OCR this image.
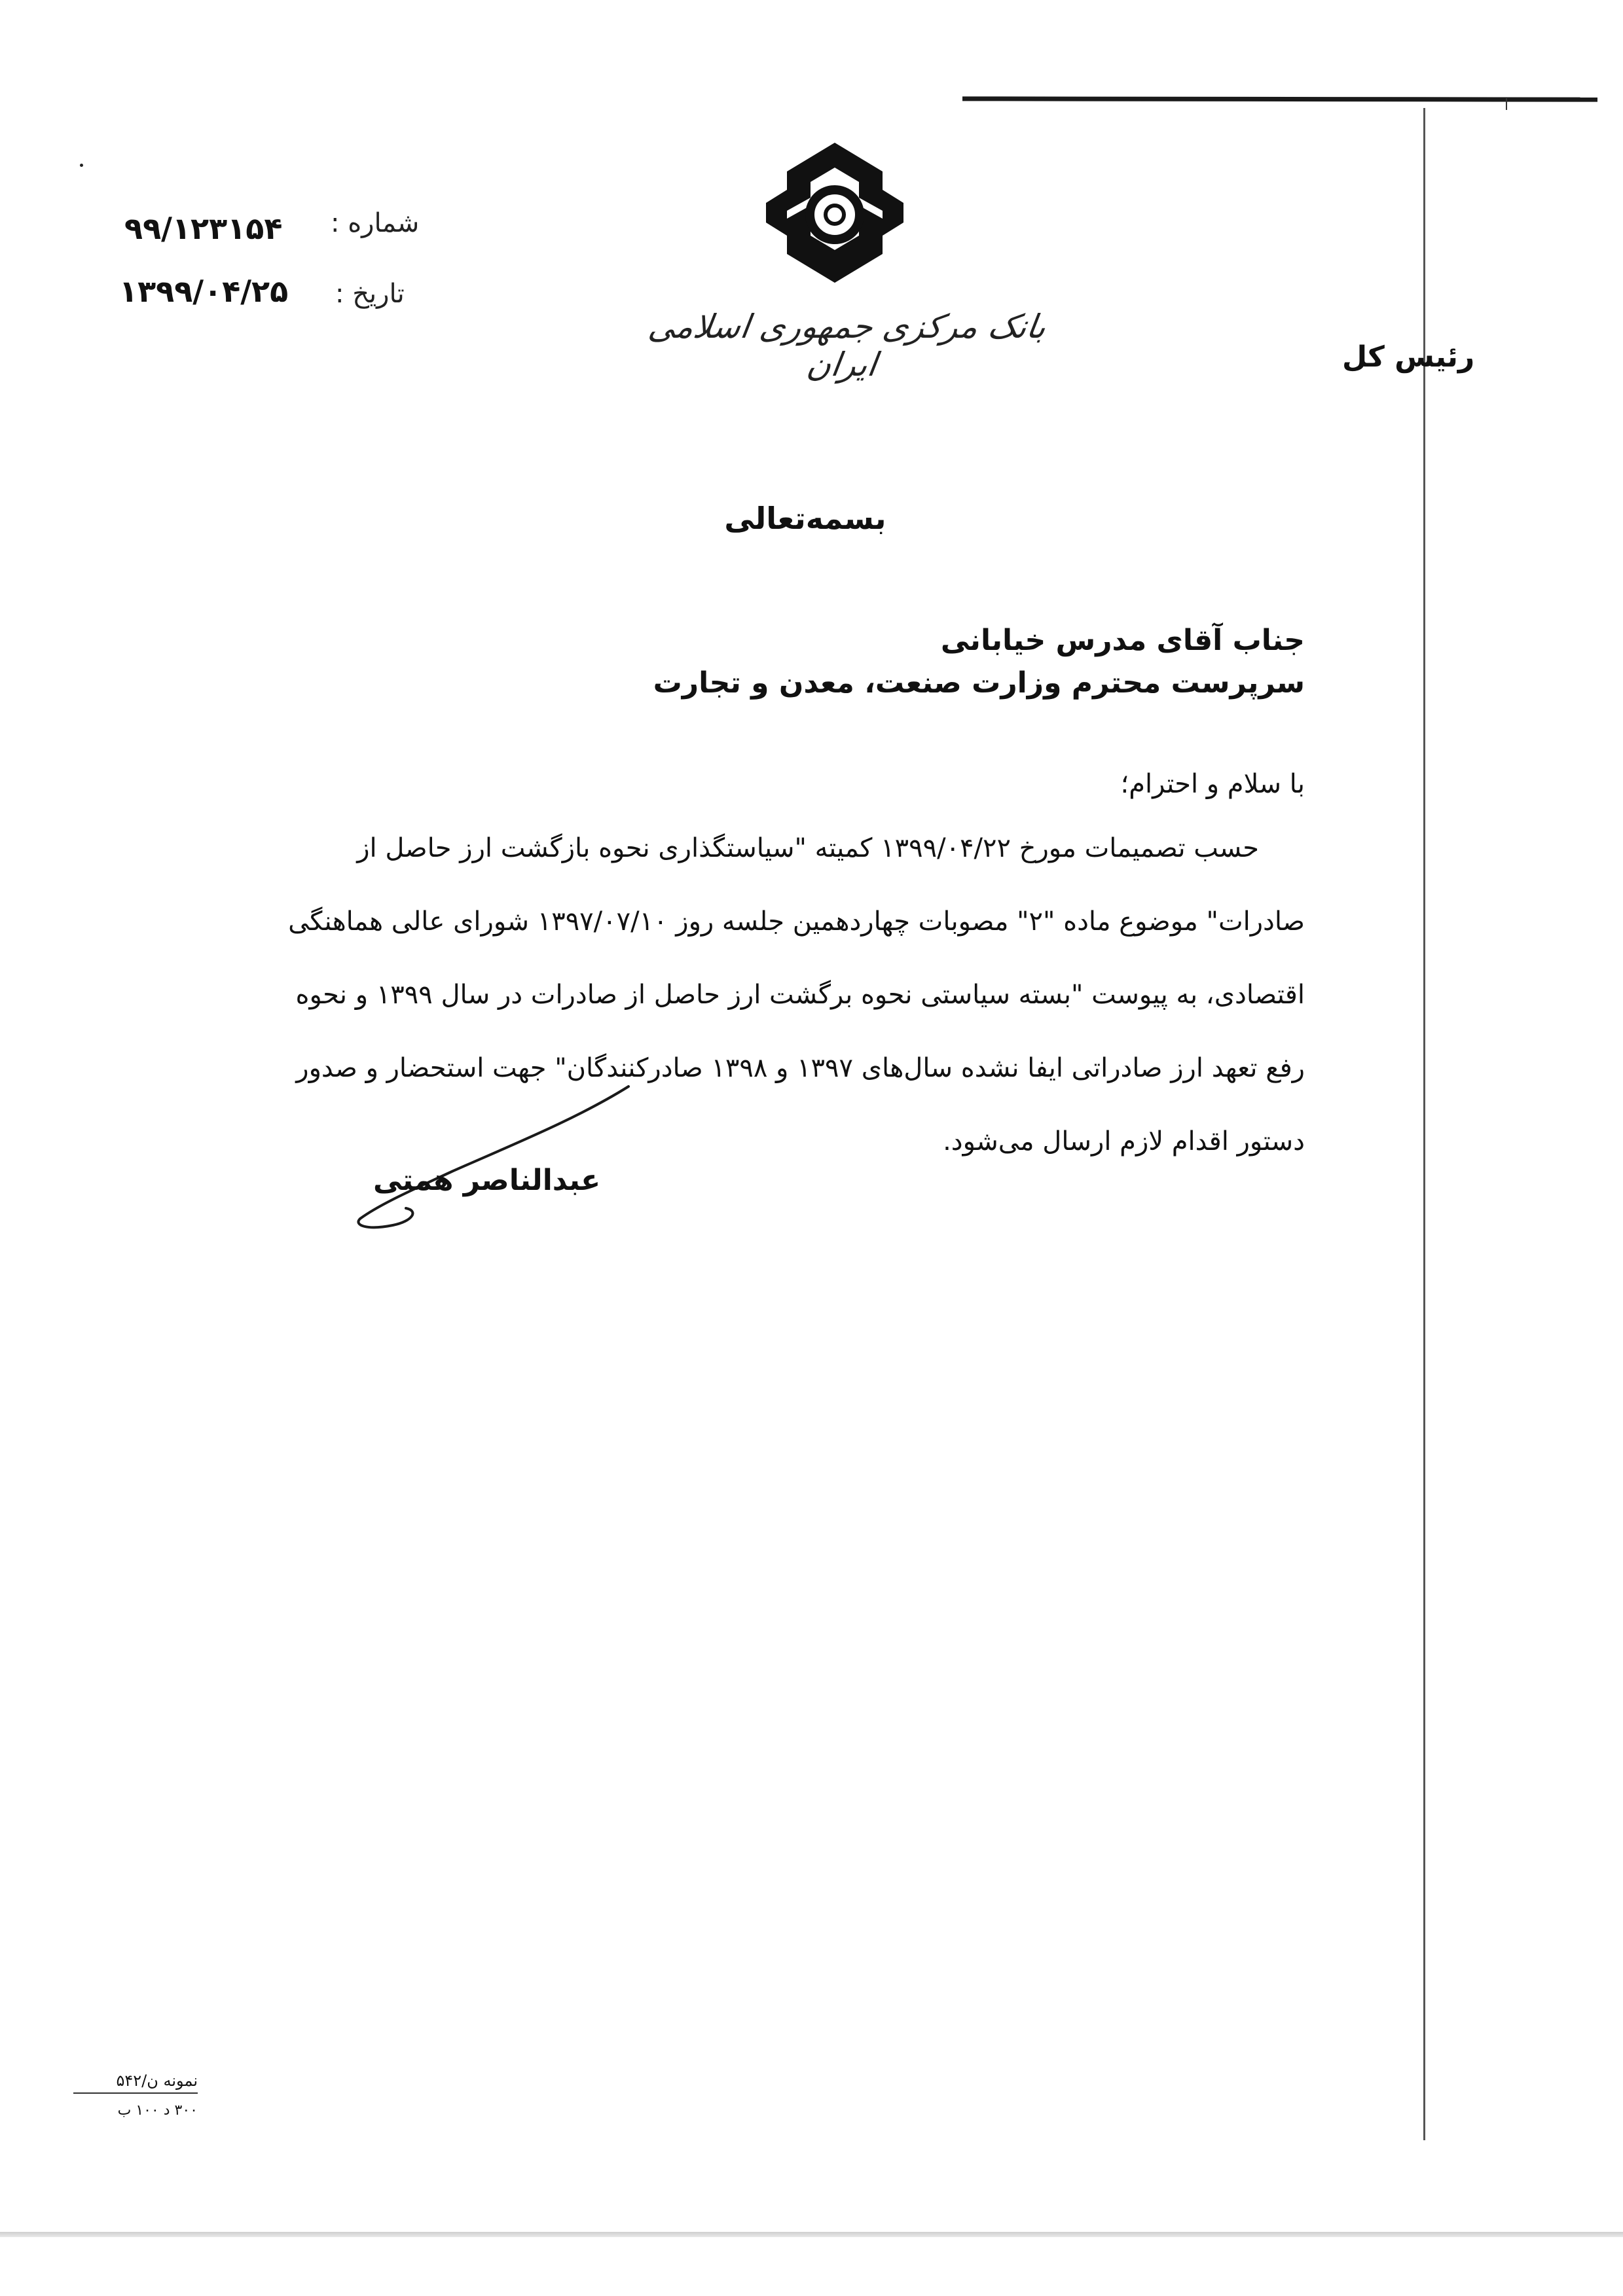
شماره :
۹۹/۱۲۳۱۵۴
تاریخ :
۱۳۹۹/۰۴/۲۵
بانک مرکزی جمهوری اسلامی ایران	رئیس کل
بسمه‌تعالی
جناب آقای مدرس خیابانی
سرپرست محترم وزارت صنعت، معدن و تجارت
با سلام و احترام؛

حسب تصمیمات مورخ ۱۳۹۹/۰۴/۲۲ کمیته "سیاستگذاری نحوه بازگشت ارز حاصل از

صادرات" موضوع ماده "۲" مصوبات چهاردهمین جلسه روز ۱۳۹۷/۰۷/۱۰ شورای عالی هماهنگی

اقتصادی، به پیوست "بسته سیاستی نحوه برگشت ارز حاصل از صادرات در سال ۱۳۹۹ و نحوه

رفع تعهد ارز صادراتی ایفا نشده سال‌های ۱۳۹۷ و ۱۳۹۸ صادرکنندگان" جهت استحضار و صدور

دستور اقدام لازم ارسال می‌شود.

عبدالناصر همتی
نمونه ن/۵۴۲
۳۰۰ د ۱۰۰ ب
